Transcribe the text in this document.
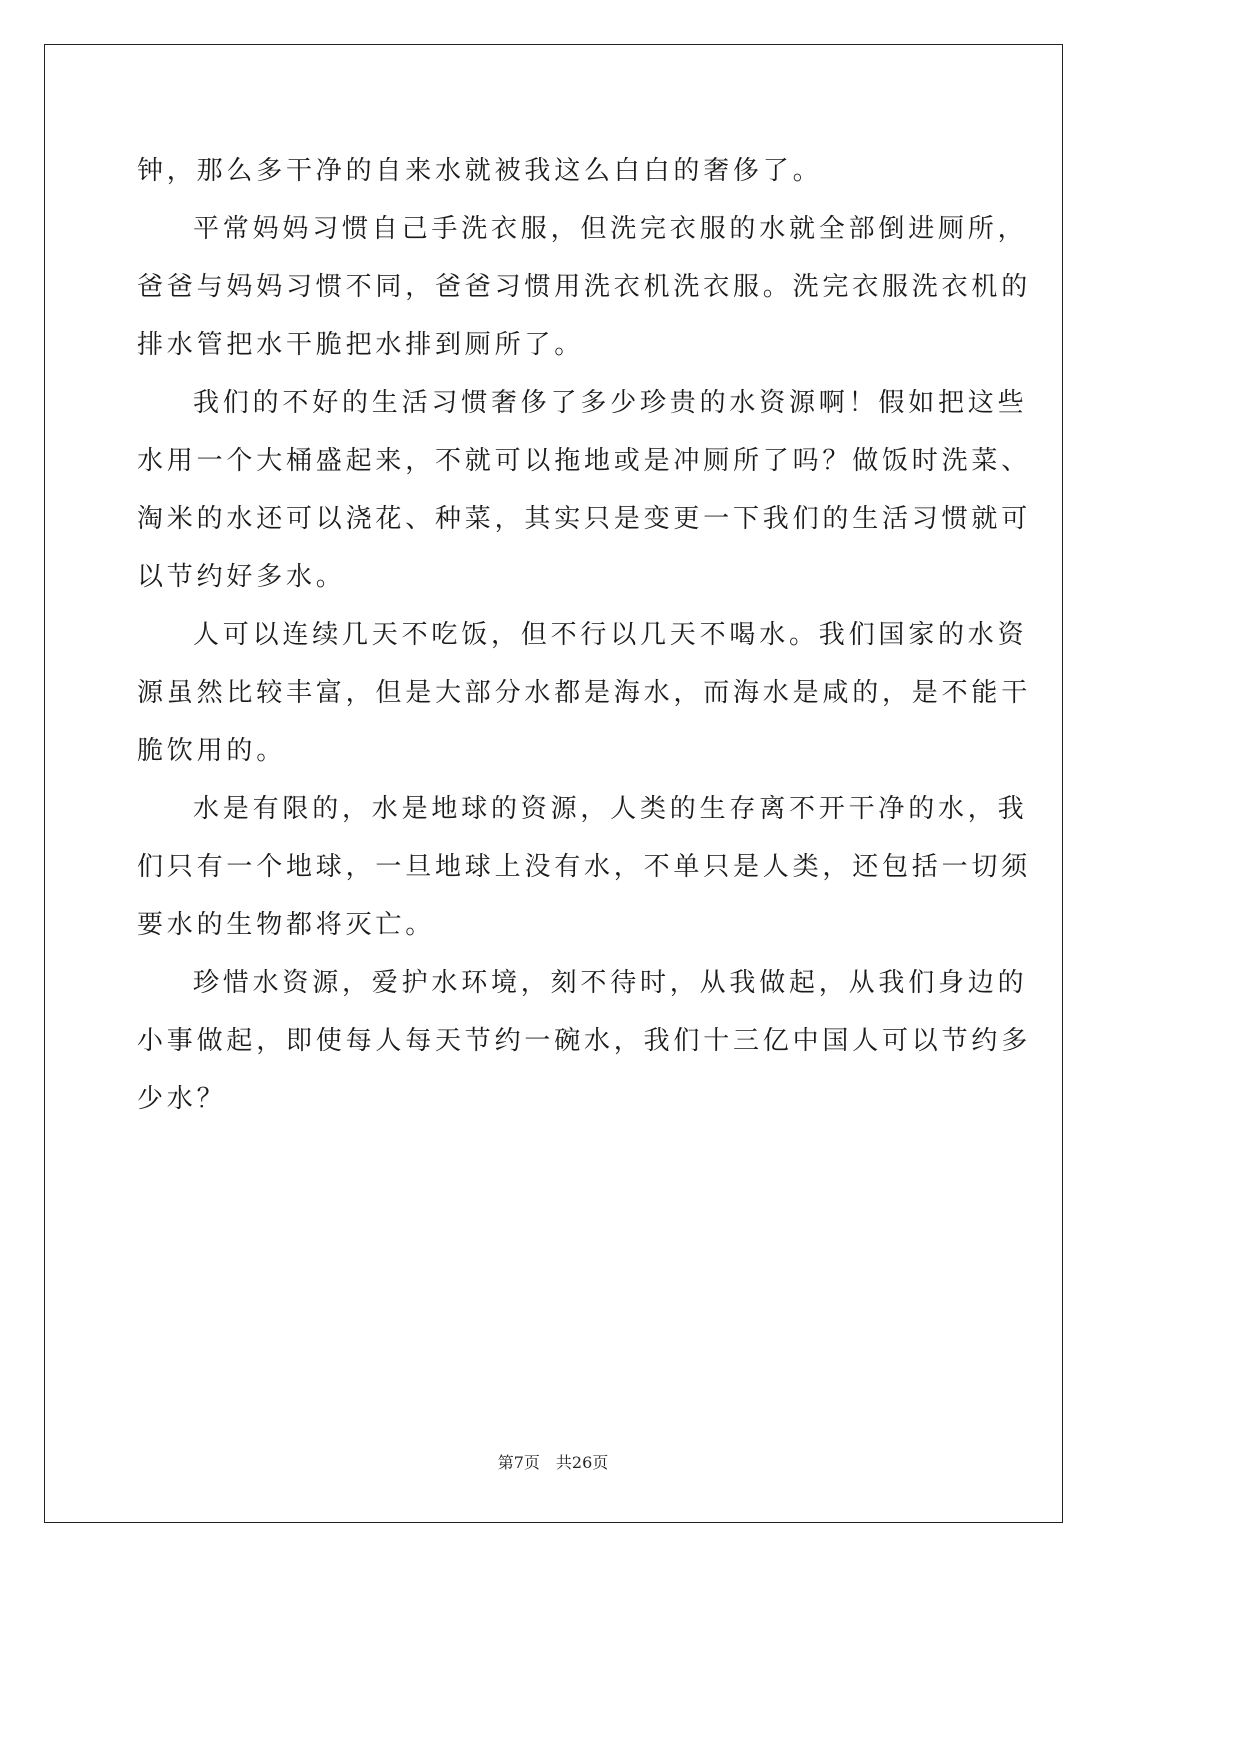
钟，那么多干净的自来水就被我这么白白的奢侈了。
平常妈妈习惯自己手洗衣服，但洗完衣服的水就全部倒进厕所，
爸爸与妈妈习惯不同，爸爸习惯用洗衣机洗衣服。洗完衣服洗衣机的
排水管把水干脆把水排到厕所了。
我们的不好的生活习惯奢侈了多少珍贵的水资源啊！假如把这些
水用一个大桶盛起来，不就可以拖地或是冲厕所了吗？做饭时洗菜、
淘米的水还可以浇花、种菜，其实只是变更一下我们的生活习惯就可
以节约好多水。
人可以连续几天不吃饭，但不行以几天不喝水。我们国家的水资
源虽然比较丰富，但是大部分水都是海水，而海水是咸的，是不能干
脆饮用的。
水是有限的，水是地球的资源，人类的生存离不开干净的水，我
们只有一个地球，一旦地球上没有水，不单只是人类，还包括一切须
要水的生物都将灭亡。
珍惜水资源，爱护水环境，刻不待时，从我做起，从我们身边的
小事做起，即使每人每天节约一碗水，我们十三亿中国人可以节约多
少水？
第7页　共26页
